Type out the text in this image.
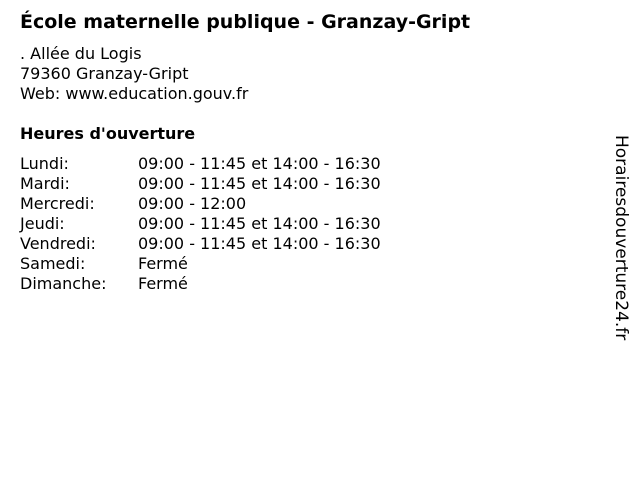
École maternelle publique - Granzay-Gript
. Allée du Logis
79360 Granzay-Gript
Web: www.education.gouv.fr
Heures d'ouverture
Lundi:	09:00 - 11:45 et 14:00 - 16:30
Mardi:	09:00 - 11:45 et 14:00 - 16:30
Mercredi:	09:00 - 12:00
Jeudi:	09:00 - 11:45 et 14:00 - 16:30
Vendredi:	09:00 - 11:45 et 14:00 - 16:30
Samedi:	Fermé
Dimanche:	Fermé	Horairesdouverture24.fr
